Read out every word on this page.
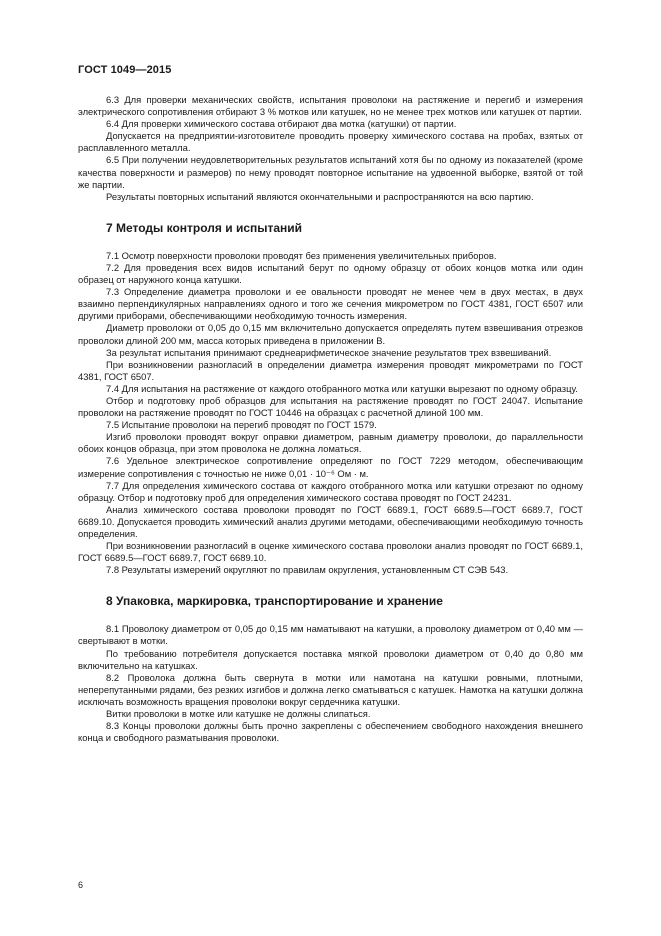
ГОСТ 1049—2015

6.3 Для проверки механических свойств, испытания проволоки на растяжение и перегиб и измерения электрического сопротивления отбирают 3 % мотков или катушек, но не менее трех мотков или катушек от партии.

6.4 Для проверки химического состава отбирают два мотка (катушки) от партии.

Допускается на предприятии-изготовителе проводить проверку химического состава на пробах, взятых от расплавленного металла.

6.5 При получении неудовлетворительных результатов испытаний хотя бы по одному из показателей (кроме качества поверхности и размеров) по нему проводят повторное испытание на удвоенной выборке, взятой от той же партии.

Результаты повторных испытаний являются окончательными и распространяются на всю партию.

7 Методы контроля и испытаний

7.1 Осмотр поверхности проволоки проводят без применения увеличительных приборов.

7.2 Для проведения всех видов испытаний берут по одному образцу от обоих концов мотка или один образец от наружного конца катушки.

7.3 Определение диаметра проволоки и ее овальности проводят не менее чем в двух местах, в двух взаимно перпендикулярных направлениях одного и того же сечения микрометром по ГОСТ 4381, ГОСТ 6507 или другими приборами, обеспечивающими необходимую точность измерения.

Диаметр проволоки от 0,05 до 0,15 мм включительно допускается определять путем взвешивания отрезков проволоки длиной 200 мм, масса которых приведена в приложении В.

За результат испытания принимают среднеарифметическое значение результатов трех взвешиваний.

При возникновении разногласий в определении диаметра измерения проводят микрометрами по ГОСТ 4381, ГОСТ 6507.

7.4 Для испытания на растяжение от каждого отобранного мотка или катушки вырезают по одному образцу.

Отбор и подготовку проб образцов для испытания на растяжение проводят по ГОСТ 24047. Испытание проволоки на растяжение проводят по ГОСТ 10446 на образцах с расчетной длиной 100 мм.

7.5 Испытание проволоки на перегиб проводят по ГОСТ 1579.

Изгиб проволоки проводят вокруг оправки диаметром, равным диаметру проволоки, до параллельности обоих концов образца, при этом проволока не должна ломаться.

7.6 Удельное электрическое сопротивление определяют по ГОСТ 7229 методом, обеспечивающим измерение сопротивления с точностью не ниже 0,01 · 10⁻⁶ Ом · м.

7.7 Для определения химического состава от каждого отобранного мотка или катушки отрезают по одному образцу. Отбор и подготовку проб для определения химического состава проводят по ГОСТ 24231.

Анализ химического состава проволоки проводят по ГОСТ 6689.1, ГОСТ 6689.5—ГОСТ 6689.7, ГОСТ 6689.10. Допускается проводить химический анализ другими методами, обеспечивающими необходимую точность определения.

При возникновении разногласий в оценке химического состава проволоки анализ проводят по ГОСТ 6689.1, ГОСТ 6689.5—ГОСТ 6689.7, ГОСТ 6689.10.

7.8 Результаты измерений округляют по правилам округления, установленным СТ СЭВ 543.

8 Упаковка, маркировка, транспортирование и хранение

8.1 Проволоку диаметром от 0,05 до 0,15 мм наматывают на катушки, а проволоку диаметром от 0,40 мм — свертывают в мотки.

По требованию потребителя допускается поставка мягкой проволоки диаметром от 0,40 до 0,80 мм включительно на катушках.

8.2 Проволока должна быть свернута в мотки или намотана на катушки ровными, плотными, неперепутанными рядами, без резких изгибов и должна легко сматываться с катушек. Намотка на катушки должна исключать возможность вращения проволоки вокруг сердечника катушки.

Витки проволоки в мотке или катушке не должны слипаться.

8.3 Концы проволоки должны быть прочно закреплены с обеспечением свободного нахождения внешнего конца и свободного разматывания проволоки.

6
